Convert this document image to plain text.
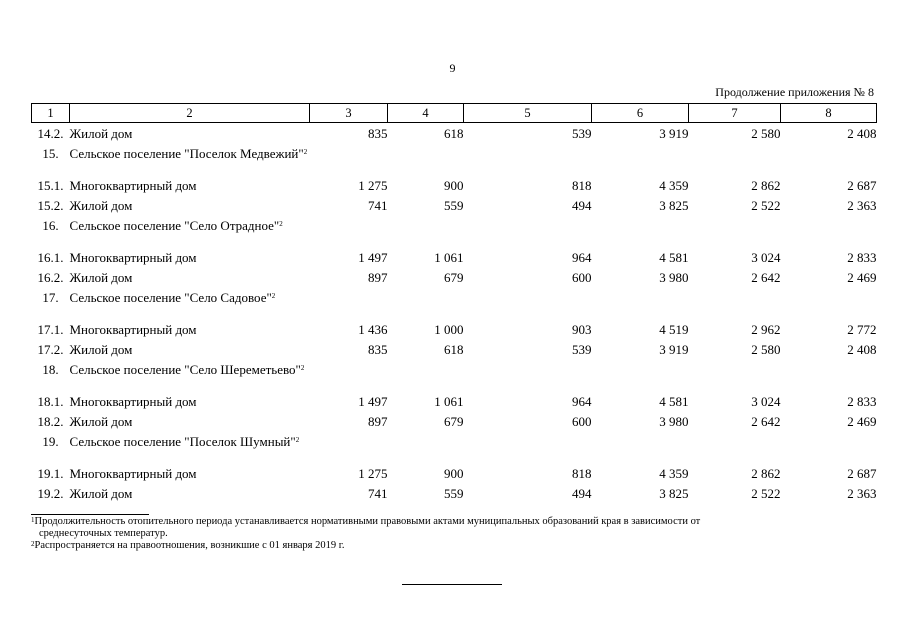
9
Продолжение приложения № 8
1	2	3	4	5	6	7	8
14.2.	Жилой дом	835	618	539	3 919	2 580	2 408
15.	Сельское поселение "Поселок Медвежий"$^2$						
15.1.	Многоквартирный дом	1 275	900	818	4 359	2 862	2 687
15.2.	Жилой дом	741	559	494	3 825	2 522	2 363
16.	Сельское поселение "Село Отрадное"$^2$						
16.1.	Многоквартирный дом	1 497	1 061	964	4 581	3 024	2 833
16.2.	Жилой дом	897	679	600	3 980	2 642	2 469
17.	Сельское поселение "Село Садовое"$^2$						
17.1.	Многоквартирный дом	1 436	1 000	903	4 519	2 962	2 772
17.2.	Жилой дом	835	618	539	3 919	2 580	2 408
18.	Сельское поселение "Село Шереметьево"$^2$						
18.1.	Многоквартирный дом	1 497	1 061	964	4 581	3 024	2 833
18.2.	Жилой дом	897	679	600	3 980	2 642	2 469
19.	Сельское поселение "Поселок Шумный"$^2$						
19.1.	Многоквартирный дом	1 275	900	818	4 359	2 862	2 687
19.2.	Жилой дом	741	559	494	3 825	2 522	2 363
$^1$Продолжительность отопительного периода устанавливается нормативными правовыми актами муниципальных образований края в зависимости от
среднесуточных температур.
$^2$Распространяется на правоотношения, возникшие с 01 января 2019 г.
